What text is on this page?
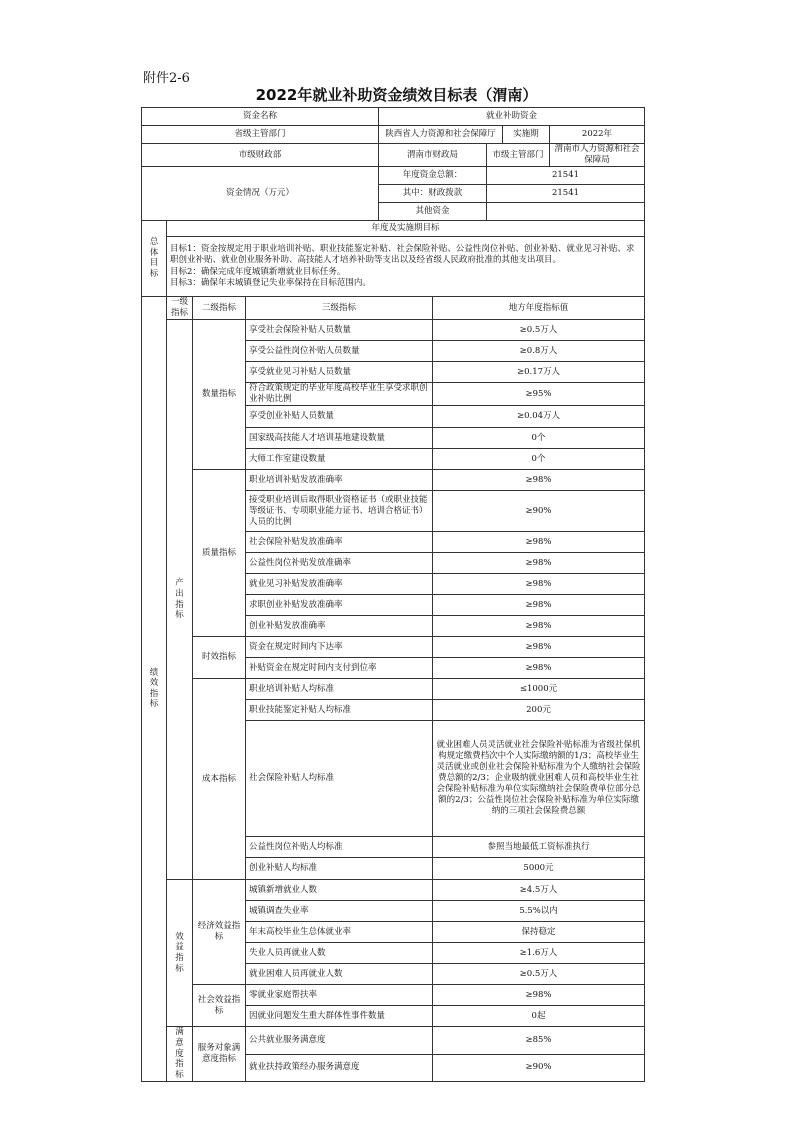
附件2-6
2022年就业补助资金绩效目标表（渭南）
资金名称				就业补助资金				
省级主管部门				陕西省人力资源和社会保障厅			实施期	2022年
市级财政部				渭南市财政局		市级主管部门		渭南市人力资源和社会保障局
资金情况（万元）				年度资金总额：		21541		
				其中：财政拨款		21541		
				其他资金				
总体目标	年度及实施期目标							

	目标1：资金按规定用于职业培训补贴、职业技能鉴定补贴、社会保险补贴、公益性岗位补贴、创业补贴、就业见习补贴、求职创业补贴、就业创业服务补助、高技能人才培养补助等支出以及经省级人民政府批准的其他支出项目。
目标2：确保完成年度城镇新增就业目标任务。
目标3：确保年末城镇登记失业率保持在目标范围内。							

绩效指标	一级指标	二级指标	三级指标		地方年度指标值			
	产出指标	数量指标	享受社会保险补贴人员数量		≥0.5万人			
			享受公益性岗位补贴人员数量		≥0.8万人			
			享受就业见习补贴人员数量		≥0.17万人			
			符合政策规定的毕业年度高校毕业生享受求职创业补贴比例		≥95%			
			享受创业补贴人员数量		≥0.04万人			
			国家级高技能人才培训基地建设数量		0个			
			大师工作室建设数量		0个			
		质量指标	职业培训补贴发放准确率		≥98%			
			接受职业培训后取得职业资格证书（或职业技能等级证书、专项职业能力证书、培训合格证书）人员的比例		≥90%			
			社会保险补贴发放准确率		≥98%			
			公益性岗位补贴发放准确率		≥98%			
			就业见习补贴发放准确率		≥98%			
			求职创业补贴发放准确率		≥98%			
			创业补贴发放准确率		≥98%			
		时效指标	资金在规定时间内下达率		≥98%			
			补贴资金在规定时间内支付到位率		≥98%			
		成本指标	职业培训补贴人均标准		≤1000元			
			职业技能鉴定补贴人均标准		200元			
			社会保险补贴人均标准		就业困难人员灵活就业社会保险补贴标准为省级社保机构规定缴费档次中个人实际缴纳额的1/3；高校毕业生灵活就业或创业社会保险补贴标准为个人缴纳社会保险费总额的2/3；企业吸纳就业困难人员和高校毕业生社会保险补贴标准为单位实际缴纳社会保险费单位部分总额的2/3；公益性岗位社会保险补贴标准为单位实际缴纳的三项社会保险费总额			
			公益性岗位补贴人均标准		参照当地最低工资标准执行			
			创业补贴人均标准		5000元			
	效益指标	经济效益指标	城镇新增就业人数		≥4.5万人			
			城镇调查失业率		5.5%以内			
			年末高校毕业生总体就业率		保持稳定			
			失业人员再就业人数		≥1.6万人			
			就业困难人员再就业人数		≥0.5万人			
		社会效益指标	零就业家庭帮扶率		≥98%			
			因就业问题发生重大群体性事件数量		0起			
	满意度指标	服务对象满意度指标	公共就业服务满意度		≥85%			
			就业扶持政策经办服务满意度		≥90%			
